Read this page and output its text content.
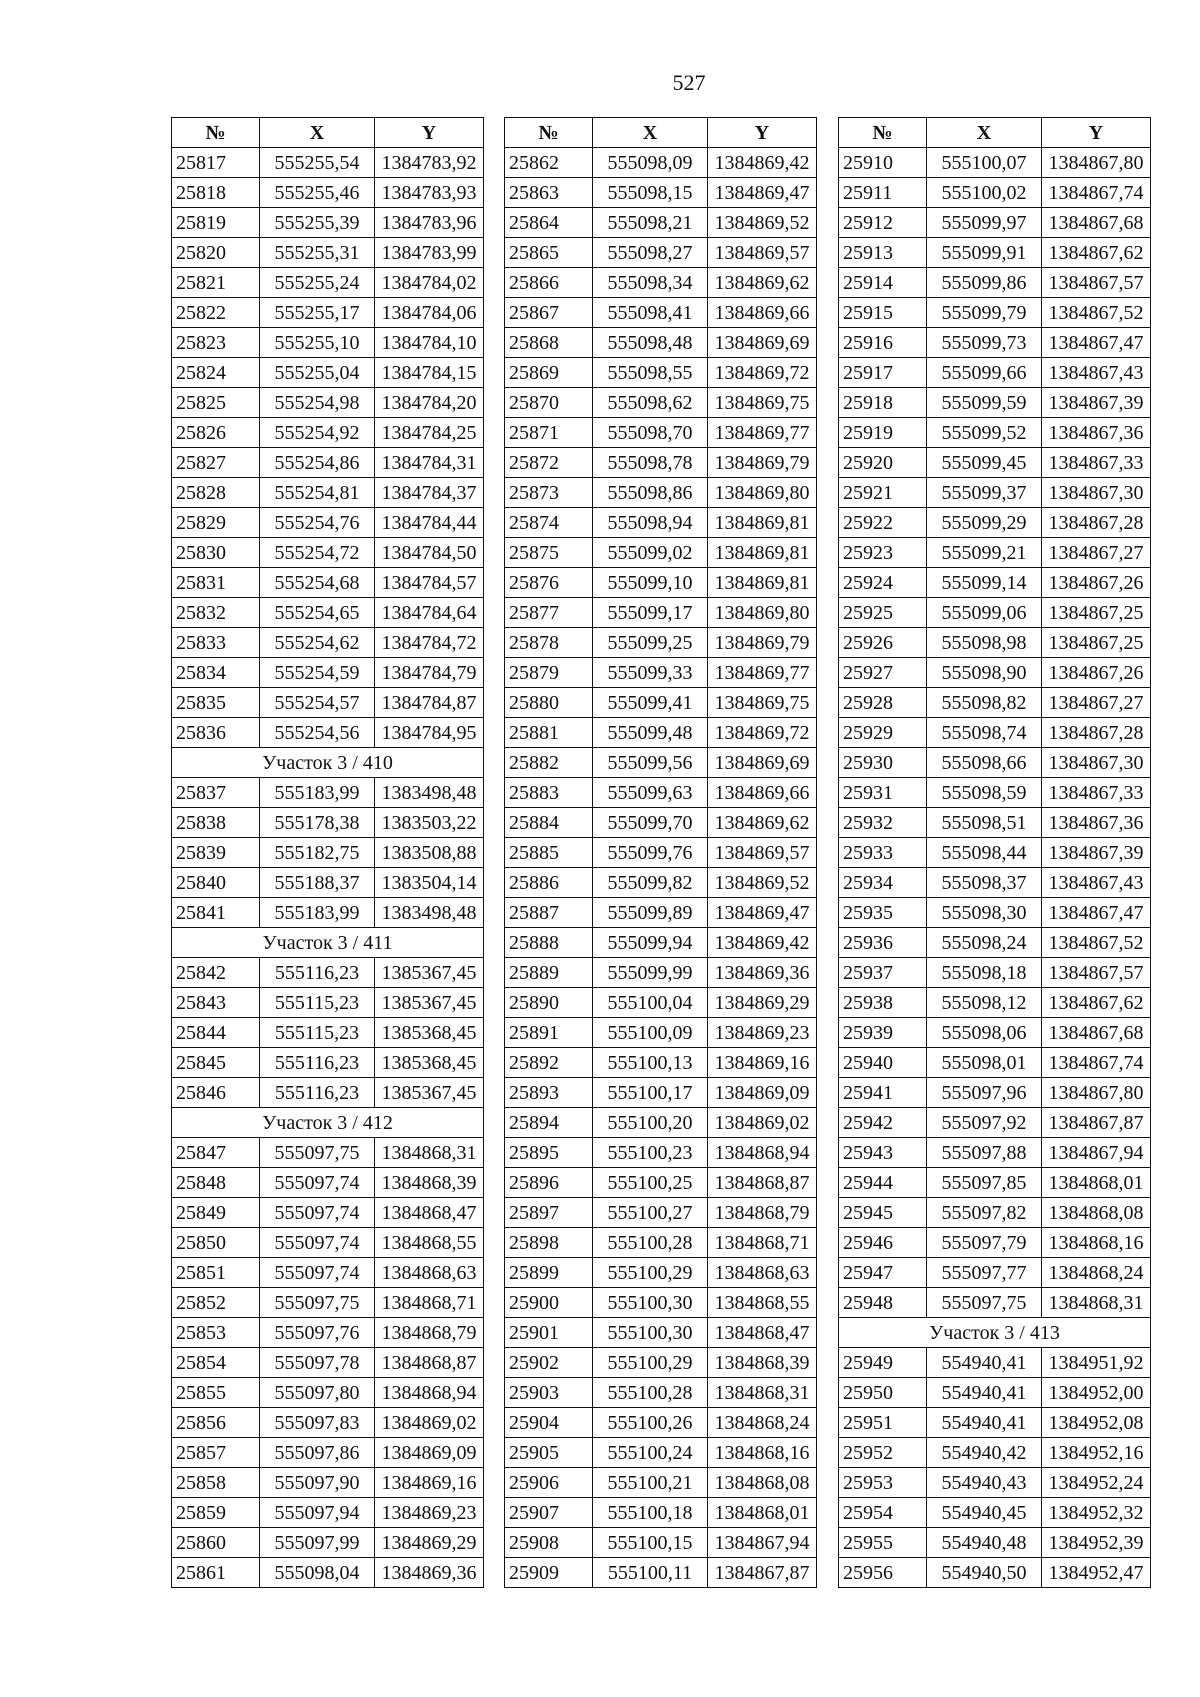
527
№	X	Y
25817	555255,54	1384783,92
25818	555255,46	1384783,93
25819	555255,39	1384783,96
25820	555255,31	1384783,99
25821	555255,24	1384784,02
25822	555255,17	1384784,06
25823	555255,10	1384784,10
25824	555255,04	1384784,15
25825	555254,98	1384784,20
25826	555254,92	1384784,25
25827	555254,86	1384784,31
25828	555254,81	1384784,37
25829	555254,76	1384784,44
25830	555254,72	1384784,50
25831	555254,68	1384784,57
25832	555254,65	1384784,64
25833	555254,62	1384784,72
25834	555254,59	1384784,79
25835	555254,57	1384784,87
25836	555254,56	1384784,95
Участок 3 / 410		
25837	555183,99	1383498,48
25838	555178,38	1383503,22
25839	555182,75	1383508,88
25840	555188,37	1383504,14
25841	555183,99	1383498,48
Участок 3 / 411		
25842	555116,23	1385367,45
25843	555115,23	1385367,45
25844	555115,23	1385368,45
25845	555116,23	1385368,45
25846	555116,23	1385367,45
Участок 3 / 412		
25847	555097,75	1384868,31
25848	555097,74	1384868,39
25849	555097,74	1384868,47
25850	555097,74	1384868,55
25851	555097,74	1384868,63
25852	555097,75	1384868,71
25853	555097,76	1384868,79
25854	555097,78	1384868,87
25855	555097,80	1384868,94
25856	555097,83	1384869,02
25857	555097,86	1384869,09
25858	555097,90	1384869,16
25859	555097,94	1384869,23
25860	555097,99	1384869,29
25861	555098,04	1384869,36
№	X	Y
25862	555098,09	1384869,42
25863	555098,15	1384869,47
25864	555098,21	1384869,52
25865	555098,27	1384869,57
25866	555098,34	1384869,62
25867	555098,41	1384869,66
25868	555098,48	1384869,69
25869	555098,55	1384869,72
25870	555098,62	1384869,75
25871	555098,70	1384869,77
25872	555098,78	1384869,79
25873	555098,86	1384869,80
25874	555098,94	1384869,81
25875	555099,02	1384869,81
25876	555099,10	1384869,81
25877	555099,17	1384869,80
25878	555099,25	1384869,79
25879	555099,33	1384869,77
25880	555099,41	1384869,75
25881	555099,48	1384869,72
25882	555099,56	1384869,69
25883	555099,63	1384869,66
25884	555099,70	1384869,62
25885	555099,76	1384869,57
25886	555099,82	1384869,52
25887	555099,89	1384869,47
25888	555099,94	1384869,42
25889	555099,99	1384869,36
25890	555100,04	1384869,29
25891	555100,09	1384869,23
25892	555100,13	1384869,16
25893	555100,17	1384869,09
25894	555100,20	1384869,02
25895	555100,23	1384868,94
25896	555100,25	1384868,87
25897	555100,27	1384868,79
25898	555100,28	1384868,71
25899	555100,29	1384868,63
25900	555100,30	1384868,55
25901	555100,30	1384868,47
25902	555100,29	1384868,39
25903	555100,28	1384868,31
25904	555100,26	1384868,24
25905	555100,24	1384868,16
25906	555100,21	1384868,08
25907	555100,18	1384868,01
25908	555100,15	1384867,94
25909	555100,11	1384867,87
№	X	Y
25910	555100,07	1384867,80
25911	555100,02	1384867,74
25912	555099,97	1384867,68
25913	555099,91	1384867,62
25914	555099,86	1384867,57
25915	555099,79	1384867,52
25916	555099,73	1384867,47
25917	555099,66	1384867,43
25918	555099,59	1384867,39
25919	555099,52	1384867,36
25920	555099,45	1384867,33
25921	555099,37	1384867,30
25922	555099,29	1384867,28
25923	555099,21	1384867,27
25924	555099,14	1384867,26
25925	555099,06	1384867,25
25926	555098,98	1384867,25
25927	555098,90	1384867,26
25928	555098,82	1384867,27
25929	555098,74	1384867,28
25930	555098,66	1384867,30
25931	555098,59	1384867,33
25932	555098,51	1384867,36
25933	555098,44	1384867,39
25934	555098,37	1384867,43
25935	555098,30	1384867,47
25936	555098,24	1384867,52
25937	555098,18	1384867,57
25938	555098,12	1384867,62
25939	555098,06	1384867,68
25940	555098,01	1384867,74
25941	555097,96	1384867,80
25942	555097,92	1384867,87
25943	555097,88	1384867,94
25944	555097,85	1384868,01
25945	555097,82	1384868,08
25946	555097,79	1384868,16
25947	555097,77	1384868,24
25948	555097,75	1384868,31
Участок 3 / 413		
25949	554940,41	1384951,92
25950	554940,41	1384952,00
25951	554940,41	1384952,08
25952	554940,42	1384952,16
25953	554940,43	1384952,24
25954	554940,45	1384952,32
25955	554940,48	1384952,39
25956	554940,50	1384952,47
